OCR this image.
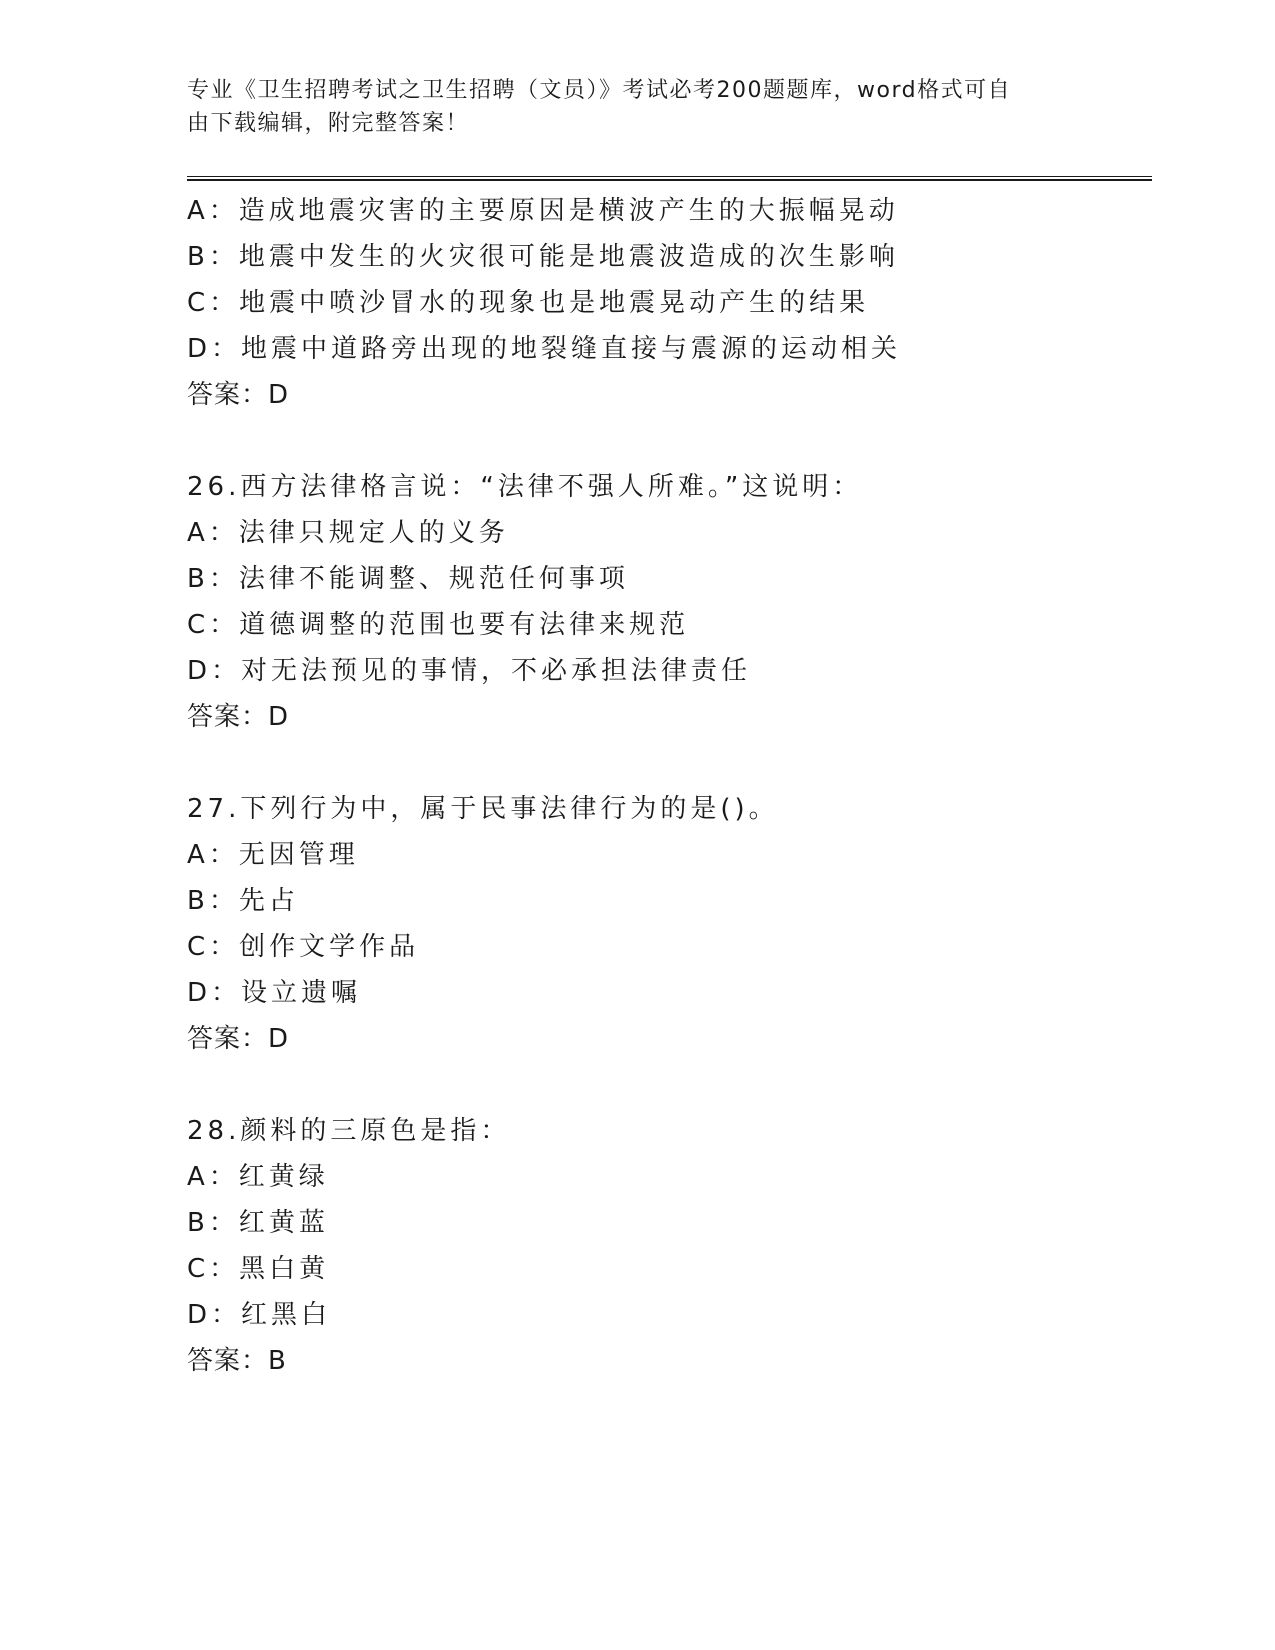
专业《卫生招聘考试之卫生招聘（文员）》考试必考200题题库，word格式可自
由下载编辑，附完整答案！
A：造成地震灾害的主要原因是横波产生的大振幅晃动
B：地震中发生的火灾很可能是地震波造成的次生影响
C：地震中喷沙冒水的现象也是地震晃动产生的结果
D：地震中道路旁出现的地裂缝直接与震源的运动相关
答案：D
26.西方法律格言说：“法律不强人所难。”这说明：
A：法律只规定人的义务
B：法律不能调整、规范任何事项
C：道德调整的范围也要有法律来规范
D：对无法预见的事情，不必承担法律责任
答案：D
27.下列行为中，属于民事法律行为的是()。
A：无因管理
B：先占
C：创作文学作品
D：设立遗嘱
答案：D
28.颜料的三原色是指：
A：红黄绿
B：红黄蓝
C：黑白黄
D：红黑白
答案：B
